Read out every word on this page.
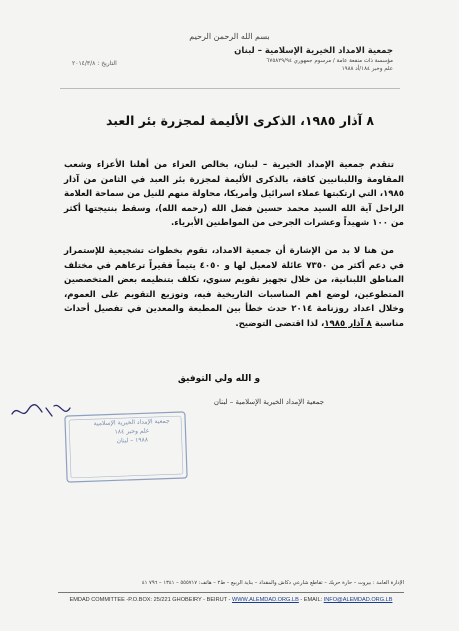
بسم الله الرحمن الرحيم
جمعية الامداد الخيرية الإسلامية – لبنان
مؤسسة ذات منفعة عامة / مرسوم جمهوري ٦٧٥٨٢٩/٩٤
علم وخبر ١٨٤/أد ١٩٨٨
التاريخ : ٢٠١٤/٣/٨
٨ آذار ١٩٨٥، الذكرى الأليمة لمجزرة بئر العبد

تتقدم جمعية الإمداد الخيرية – لبنان، بخالص العزاء من أهلنا الأعزاء وشعب المقاومة واللبنانيين كافة، بالذكرى الأليمة لمجزرة بئر العبد في الثامن من آذار ١٩٨٥، التي ارتكبتها عملاء اسرائيل وأمريكا، محاولة منهم للنيل من سماحة العلامة الراحل آية الله السيد محمد حسين فضل الله (رحمه الله)، وسقط بنتيجتها أكثر من ١٠٠ شهيداً وعشرات الجرحى من المواطنين الأبرياء.

من هنا لا بد من الإشارة أن جمعية الامداد، تقوم بخطوات تشجيعية للإستمرار في دعم أكثر من ٧٣٥٠ عائلة لامعيل لها و ٤٠٥٠ يتيماً فقيراً ترعاهم في مختلف المناطق اللبنانية، من خلال تجهيز تقويم سنوي، تكلف بتنظيمه بعض المتخصصين المتطوعين، لوضع اهم المناسبات التاريخية فيه، وتوزيع التقويم على العموم، وخلال اعداد روزنامة ٢٠١٤ حدث خطأ بين المطبعة والمعدين في تفصيل أحداث مناسبة ٨ آذار ١٩٨٥، لذا اقتضى التوضيح.

و الله ولي التوفيق
جمعية الإمداد الخيرية الإسلامية – لبنان
جمعية الإمداد الخيرية الإسلامية
علم وخبر ١٨٤
١٩٨٨ – لبنان
الإدارة العامة : بيروت – حارة حريك – تقاطع شارعي دكاش والمقداد – بناية الربيع – ط٢ – هاتف: ٥٥٥٧١٧ – ١٣٤١ – ٧٩٦ ٤١
EMDAD COMMITTEE -P.O.BOX: 25/221 GHOBEIRY - BEIRUT - WWW.ALEMDAD.ORG.LB - EMAIL: INFO@ALEMDAD.ORG.LB
